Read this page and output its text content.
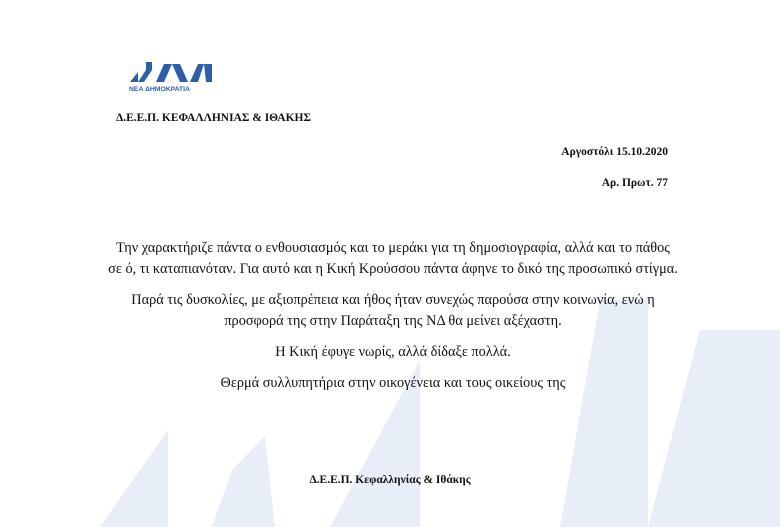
ΝΕΑ ΔΗΜΟΚΡΑΤΙΑ
Δ.Ε.Ε.Π. ΚΕΦΑΛΛΗΝΙΑΣ & ΙΘΑΚΗΣ
Αργοστόλι 15.10.2020
Αρ. Πρωτ. 77

Την χαρακτήριζε πάντα ο ενθουσιασμός και το μεράκι για τη δημοσιογραφία, αλλά και το πάθος σε ό, τι καταπιανόταν. Για αυτό και η Κική Κρούσσου πάντα άφηνε το δικό της προσωπικό στίγμα.

Παρά τις δυσκολίες, με αξιοπρέπεια και ήθος ήταν συνεχώς παρούσα στην κοινωνία, ενώ η προσφορά της στην Παράταξη της ΝΔ θα μείνει αξέχαστη.

Η Κική έφυγε νωρίς, αλλά δίδαξε πολλά.

Θερμά συλλυπητήρια στην οικογένεια και τους οικείους της

Δ.Ε.Ε.Π. Κεφαλληνίας & Ιθάκης
